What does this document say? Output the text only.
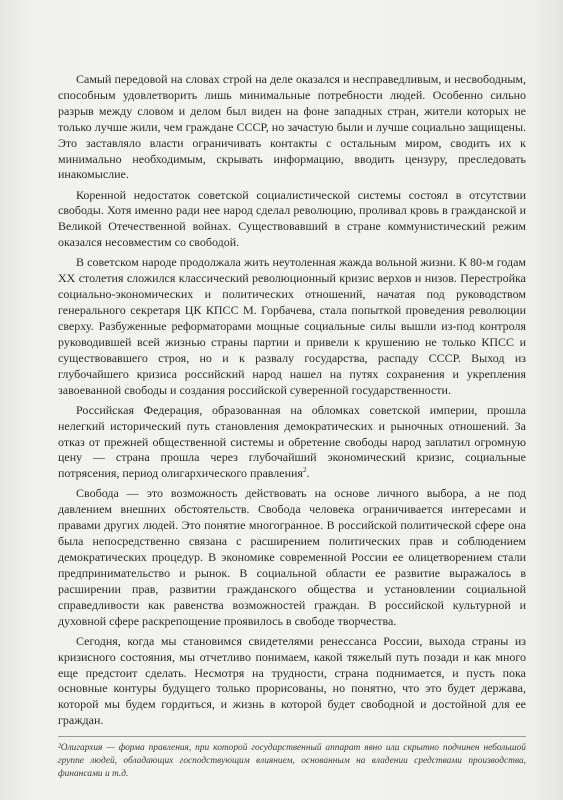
Самый передовой на словах строй на деле оказался и несправедливым, и несвободным, способным удовлетворить лишь минимальные потребности людей. Особенно сильно разрыв между словом и делом был виден на фоне западных стран, жители которых не только лучше жили, чем граждане СССР, но зачастую были и лучше социально защищены. Это заставляло власти ограничивать контакты с остальным миром, сводить их к минимально необходимым, скрывать информацию, вводить цензуру, преследовать инакомыслие.

Коренной недостаток советской социалистической системы состоял в отсутствии свободы. Хотя именно ради нее народ сделал революцию, проливал кровь в гражданской и Великой Отечественной войнах. Существовавший в стране коммунистический режим оказался несовместим со свободой.

В советском народе продолжала жить неутоленная жажда вольной жизни. К 80-м годам XX столетия сложился классический революционный кризис верхов и низов. Перестройка социально-экономических и политических отношений, начатая под руководством генерального секретаря ЦК КПСС М. Горбачева, стала попыткой проведения революции сверху. Разбуженные реформаторами мощные социальные силы вышли из-под контроля руководившей всей жизнью страны партии и привели к крушению не только КПСС и существовавшего строя, но и к развалу государства, распаду СССР. Выход из глубочайшего кризиса российский народ нашел на путях сохранения и укрепления завоеванной свободы и создания российской суверенной государственности.

Российская Федерация, образованная на обломках советской империи, прошла нелегкий исторический путь становления демократических и рыночных отношений. За отказ от прежней общественной системы и обретение свободы народ заплатил огромную цену — страна прошла через глубочайший экономический кризис, социальные потрясения, период олигархического правления$^2$.

Свобода — это возможность действовать на основе личного выбора, а не под давлением внешних обстоятельств. Свобода человека ограничивается интересами и правами других людей. Это понятие многогранное. В российской политической сфере она была непосредственно связана с расширением политических прав и соблюдением демократических процедур. В экономике современной России ее олицетворением стали предпринимательство и рынок. В социальной области ее развитие выражалось в расширении прав, развитии гражданского общества и установлении социальной справедливости как равенства возможностей граждан. В российской культурной и духовной сфере раскрепощение проявилось в свободе творчества.

Сегодня, когда мы становимся свидетелями ренессанса России, выхода страны из кризисного состояния, мы отчетливо понимаем, какой тяжелый путь позади и как много еще предстоит сделать. Несмотря на трудности, страна поднимается, и пусть пока основные контуры будущего только прорисованы, но понятно, что это будет держава, которой мы будем гордиться, и жизнь в которой будет свободной и достойной для ее граждан.

²Олигархия — форма правления, при которой государственный аппарат явно или скрытно подчинен небольшой группе людей, обладающих господствующим влиянием, основанным на владении средствами производства, финансами и т.д.
